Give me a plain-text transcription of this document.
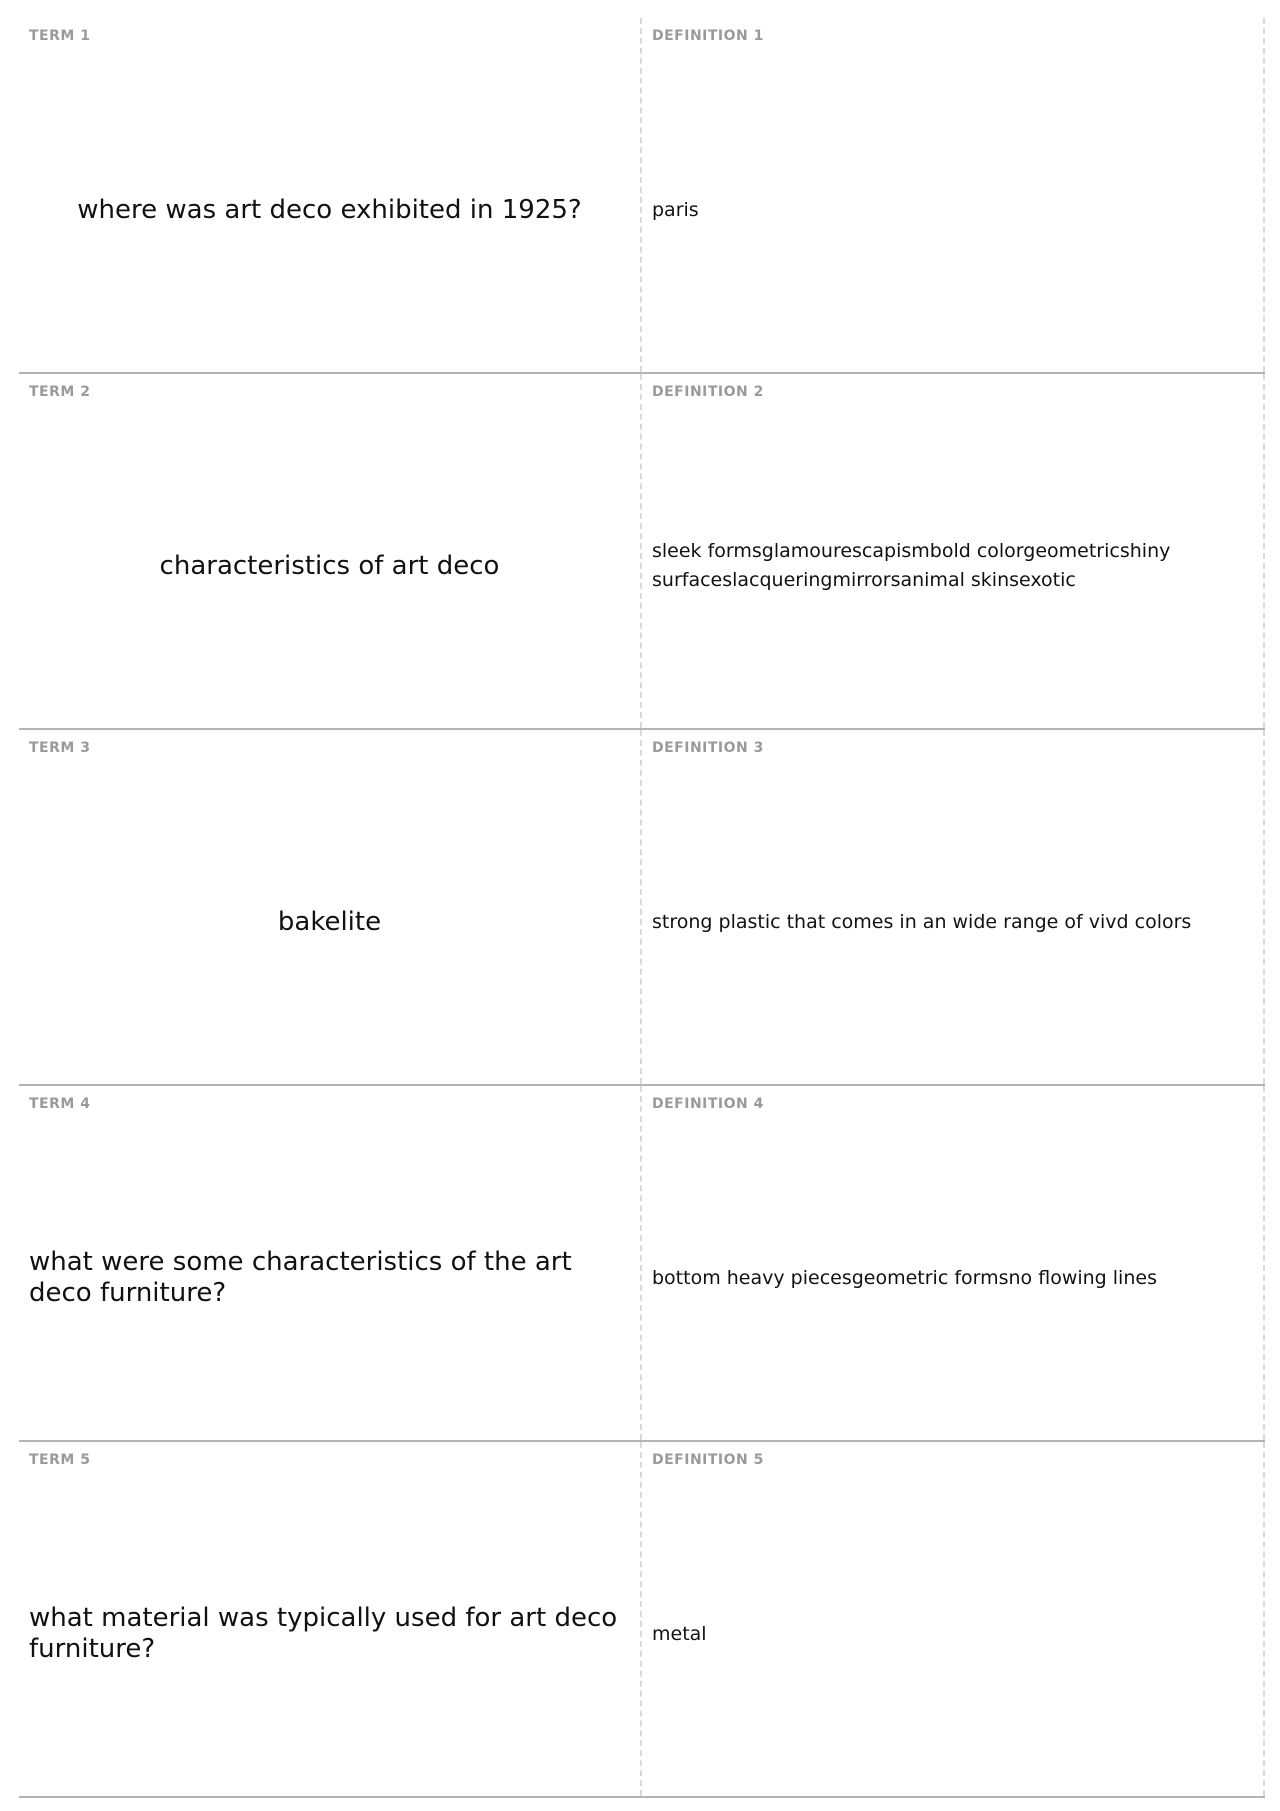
TERM 1
where was art deco exhibited in 1925?
DEFINITION 1
paris
TERM 2
characteristics of art deco
DEFINITION 2
sleek formsglamourescapismbold colorgeometricshiny surfaceslacqueringmirrorsanimal skinsexotic
TERM 3
bakelite
DEFINITION 3
strong plastic that comes in an wide range of vivd colors
TERM 4
what were some characteristics of the art deco furniture?
DEFINITION 4
bottom heavy piecesgeometric formsno flowing lines
TERM 5
what material was typically used for art deco furniture?
DEFINITION 5
metal
